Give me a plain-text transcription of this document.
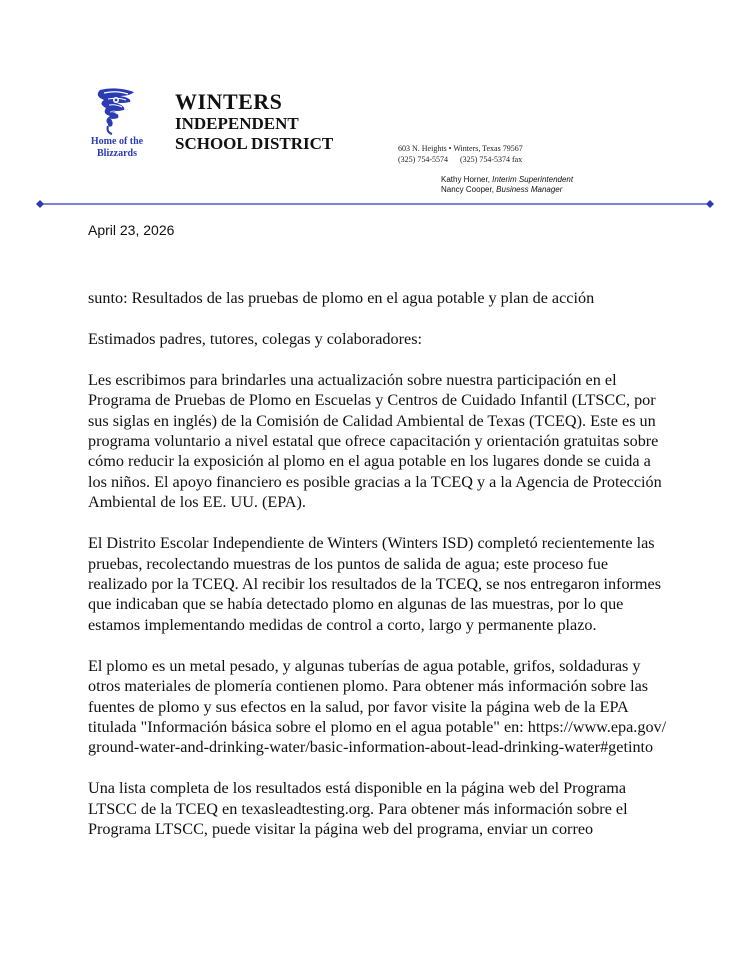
Home of the
Blizzards
WINTERS
INDEPENDENT
SCHOOL DISTRICT	603 N. Heights • Winters, Texas 79567
(325) 754-5574 (325) 754-5374 fax
Kathy Horner, Interim Superintendent
Nancy Cooper, Business Manager
April 23, 2026

sunto: Resultados de las pruebas de plomo en el agua potable y plan de acción

Estimados padres, tutores, colegas y colaboradores:

Les escribimos para brindarles una actualización sobre nuestra participación en el Programa de Pruebas de Plomo en Escuelas y Centros de Cuidado Infantil (LTSCC, por sus siglas en inglés) de la Comisión de Calidad Ambiental de Texas (TCEQ). Este es un programa voluntario a nivel estatal que ofrece capacitación y orientación gratuitas sobre cómo reducir la exposición al plomo en el agua potable en los lugares donde se cuida a los niños. El apoyo financiero es posible gracias a la TCEQ y a la Agencia de Protección Ambiental de los EE. UU. (EPA).

El Distrito Escolar Independiente de Winters (Winters ISD) completó recientemente las pruebas, recolectando muestras de los puntos de salida de agua; este proceso fue realizado por la TCEQ. Al recibir los resultados de la TCEQ, se nos entregaron informes que indicaban que se había detectado plomo en algunas de las muestras, por lo que estamos implementando medidas de control a corto, largo y permanente plazo.

El plomo es un metal pesado, y algunas tuberías de agua potable, grifos, soldaduras y otros materiales de plomería contienen plomo. Para obtener más información sobre las fuentes de plomo y sus efectos en la salud, por favor visite la página web de la EPA titulada "Información básica sobre el plomo en el agua potable" en: https://www.epa.gov/ground-water-and-drinking-water/basic-information-about-lead-drinking-water#getinto

Una lista completa de los resultados está disponible en la página web del Programa LTSCC de la TCEQ en texasleadtesting.org. Para obtener más información sobre el Programa LTSCC, puede visitar la página web del programa, enviar un correo
